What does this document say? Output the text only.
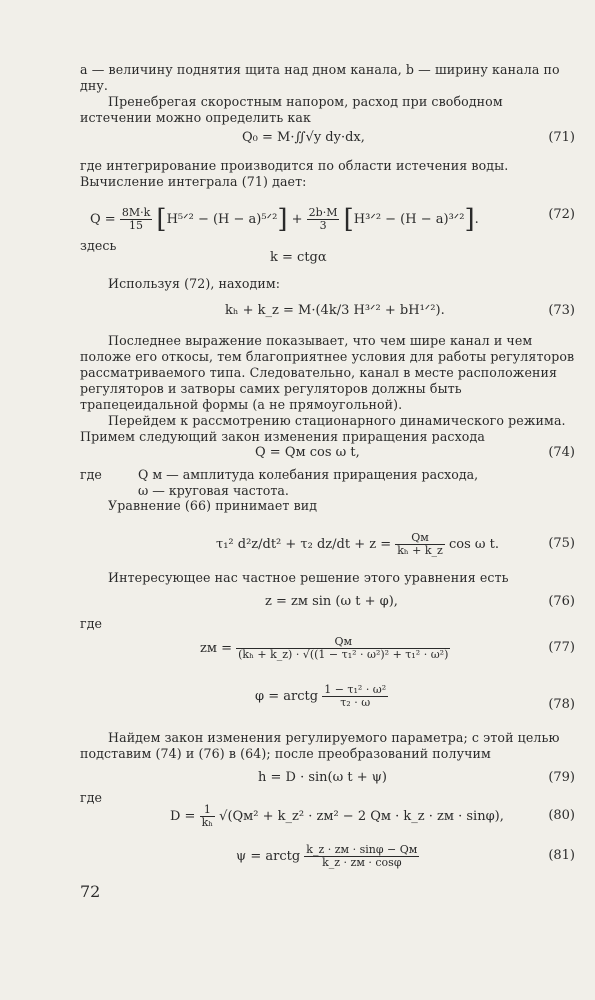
a — величину поднятия щита над дном канала, b — ширину канала по дну.
Пренебрегая скоростным напором, расход при свободном истечении можно определить как
Q₀ = M·∬√y dy·dx,	(71)
где интегрирование производится по области истечения воды. Вычисление интеграла (71) дает:
$Q = \frac{8M\cdot k}{15}$ [H⁵ᐟ² − (H − a)⁵ᐟ²] + $\frac{2b\cdot M}{3}$ [H³ᐟ² − (H − a)³ᐟ²].	(72)
здесь
k = ctgα
Используя (72), находим:
kₕ + k_z = M·(4k/3 H³ᐟ² + bH¹ᐟ²).	(73)
Последнее выражение показывает, что чем шире канал и чем положе его откосы, тем благоприятнее условия для работы регуляторов рассматриваемого типа. Следовательно, канал в месте расположения регуляторов и затворы самих регуляторов должны быть трапецеидальной формы (а не прямоугольной).
Перейдем к рассмотрению стационарного динамического режима. Примем следующий закон изменения приращения расхода
Q = Qм cos ω t,	(74)
где	Q м — амплитуда колебания приращения расхода,
ω — круговая частота.
Уравнение (66) принимает вид
τ₁² d²z/dt² + τ₂ $dz/dt + z = \frac{Qм}{\text{kₕ + k\_z}}$ cos ω t.	(75)
Интересующее нас частное решение этого уравнения есть
z = zм sin (ω t + φ),	(76)
где
zм = $\frac{Qм}{\text{(kₕ + k\_z) · √((1 − τ₁² · ω²)² + τ₁² · ω²)}}$	(77)
φ = arctg $\frac{\text{1 − τ₁² · ω²}}{\text{τ₂ · ω}}$	(78)
Найдем закон изменения регулируемого параметра; с этой целью подставим (74) и (76) в (64); после преобразований получим
h = D · sin(ω t + ψ)	(79)
где
$D = \frac{1}{\text{kₕ}} √(Qм^2$ + k_z² · zм² − 2 Qм · k_z · zм · sinφ),	(80)
ψ = arctg $\frac{k\_z \cdot zм \cdot \sin\varphi - Qм}{k\_z \cdot zм \cdot \cos\varphi}$	(81)
72
